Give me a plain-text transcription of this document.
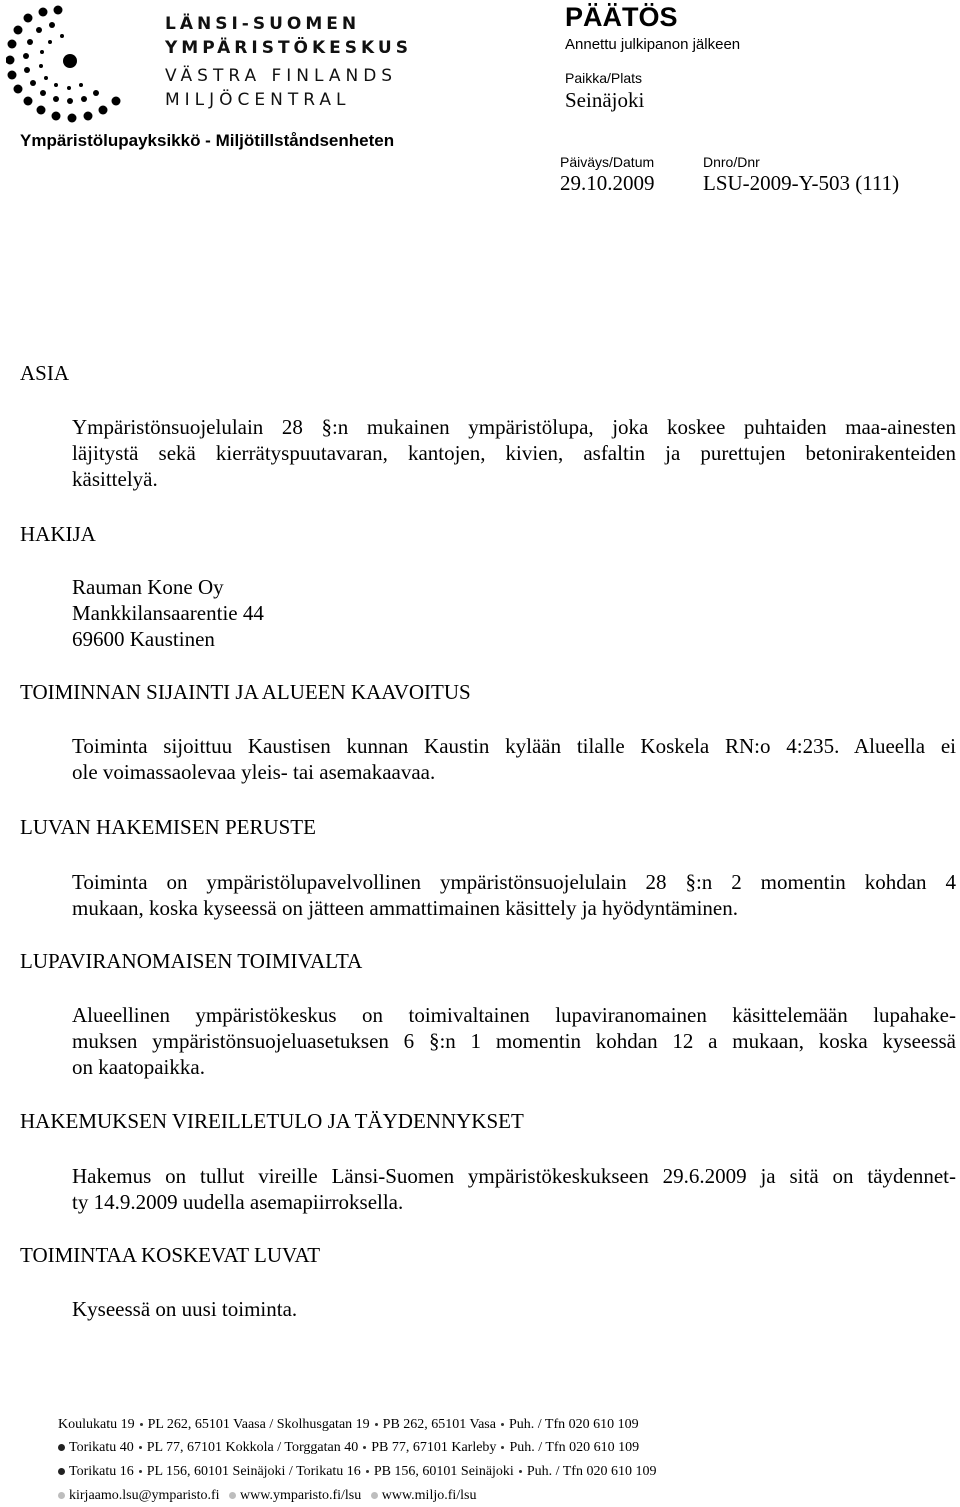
LÄNSI-SUOMEN
YMPÄRISTÖKESKUS
VÄSTRA FINLANDS
MILJÖCENTRAL
Ympäristölupayksikkö - Miljötillståndsenheten
PÄÄTÖS
Annettu julkipanon jälkeen
Paikka/Plats
Seinäjoki
Päiväys/Datum	Dnro/Dnr
29.10.2009 LSU-2009-Y-503 (111)
ASIA
Ympäristönsuojelulain 28 §:n mukainen ympäristölupa, joka koskee puhtaiden maa-ainesten
läjitystä sekä kierrätyspuutavaran, kantojen, kivien, asfaltin ja purettujen betonirakenteiden
käsittelyä.
HAKIJA
Rauman Kone Oy
Mankkilansaarentie 44
69600 Kaustinen
TOIMINNAN SIJAINTI JA ALUEEN KAAVOITUS
Toiminta sijoittuu Kaustisen kunnan Kaustin kylään tilalle Koskela RN:o 4:235. Alueella ei
ole voimassaolevaa yleis- tai asemakaavaa.
LUVAN HAKEMISEN PERUSTE
Toiminta on ympäristölupavelvollinen ympäristönsuojelulain 28 §:n 2 momentin kohdan 4
mukaan, koska kyseessä on jätteen ammattimainen käsittely ja hyödyntäminen.
LUPAVIRANOMAISEN TOIMIVALTA
Alueellinen ympäristökeskus on toimivaltainen lupaviranomainen käsittelemään lupahake-
muksen ympäristönsuojeluasetuksen 6 §:n 1 momentin kohdan 12 a mukaan, koska kyseessä
on kaatopaikka.
HAKEMUKSEN VIREILLETULO JA TÄYDENNYKSET
Hakemus on tullut vireille Länsi-Suomen ympäristökeskukseen 29.6.2009 ja sitä on täydennet-
ty 14.9.2009 uudella asemapiirroksella.
TOIMINTAA KOSKEVAT LUVAT
Kyseessä on uusi toiminta.
Koulukatu 19 PL 262, 65101 Vaasa / Skolhusgatan 19 PB 262, 65101 Vasa Puh. / Tfn 020 610 109
Torikatu 40 PL 77, 67101 Kokkola / Torggatan 40 PB 77, 67101 Karleby Puh. / Tfn 020 610 109
Torikatu 16 PL 156, 60101 Seinäjoki / Torikatu 16 PB 156, 60101 Seinäjoki Puh. / Tfn 020 610 109
kirjaamo.lsu@ymparisto.fi www.ymparisto.fi/lsu www.miljo.fi/lsu
